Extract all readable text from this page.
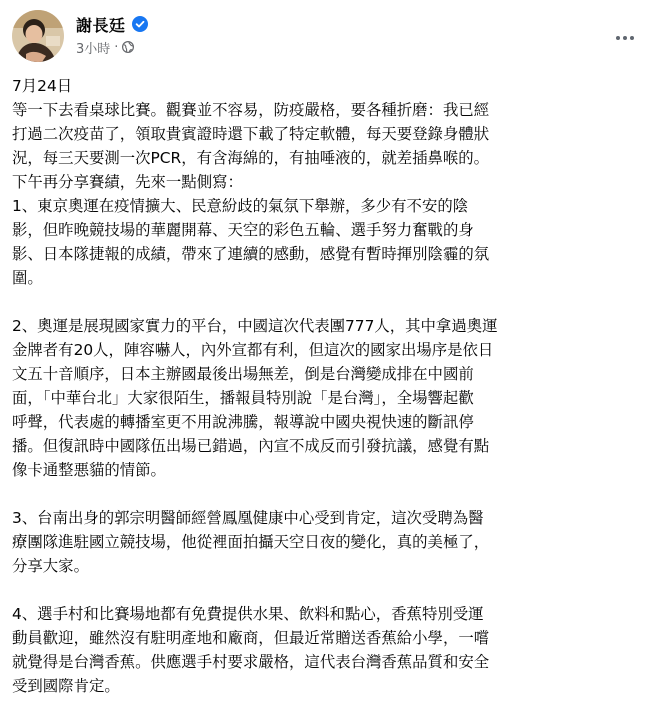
謝長廷
3小時 ·

7月24日

等一下去看桌球比賽。觀賽並不容易，防疫嚴格，要各種折磨：我已經

打過二次疫苗了，領取貴賓證時還下載了特定軟體，每天要登錄身體狀

況，每三天要測一次PCR，有含海綿的，有抽唾液的，就差插鼻喉的。

下午再分享賽績，先來一點側寫：

1、東京奧運在疫情擴大、民意紛歧的氣氛下舉辦，多少有不安的陰

影，但昨晚競技場的華麗開幕、天空的彩色五輪、選手努力奮戰的身

影、日本隊捷報的成績，帶來了連續的感動，感覺有暫時揮別陰霾的氛

圍。

2、奧運是展現國家實力的平台，中國這次代表團777人，其中拿過奧運

金牌者有20人，陣容嚇人，內外宣都有利，但這次的國家出場序是依日

文五十音順序，日本主辦國最後出場無差，倒是台灣變成排在中國前

面，「中華台北」大家很陌生，播報員特別說「是台灣」，全場響起歡

呼聲，代表處的轉播室更不用說沸騰，報導說中國央視快速的斷訊停

播。但復訊時中國隊伍出場已錯過，內宣不成反而引發抗議，感覺有點

像卡通整悪貓的情節。

3、台南出身的郭宗明醫師經營鳳凰健康中心受到肯定，這次受聘為醫

療團隊進駐國立競技場，他從裡面拍攝天空日夜的變化，真的美極了，

分享大家。

4、選手村和比賽場地都有免費提供水果、飲料和點心，香蕉特別受運

動員歡迎，雖然沒有駐明產地和廠商，但最近常贈送香蕉給小學，一嚐

就覺得是台灣香蕉。供應選手村要求嚴格，這代表台灣香蕉品質和安全

受到國際肯定。
